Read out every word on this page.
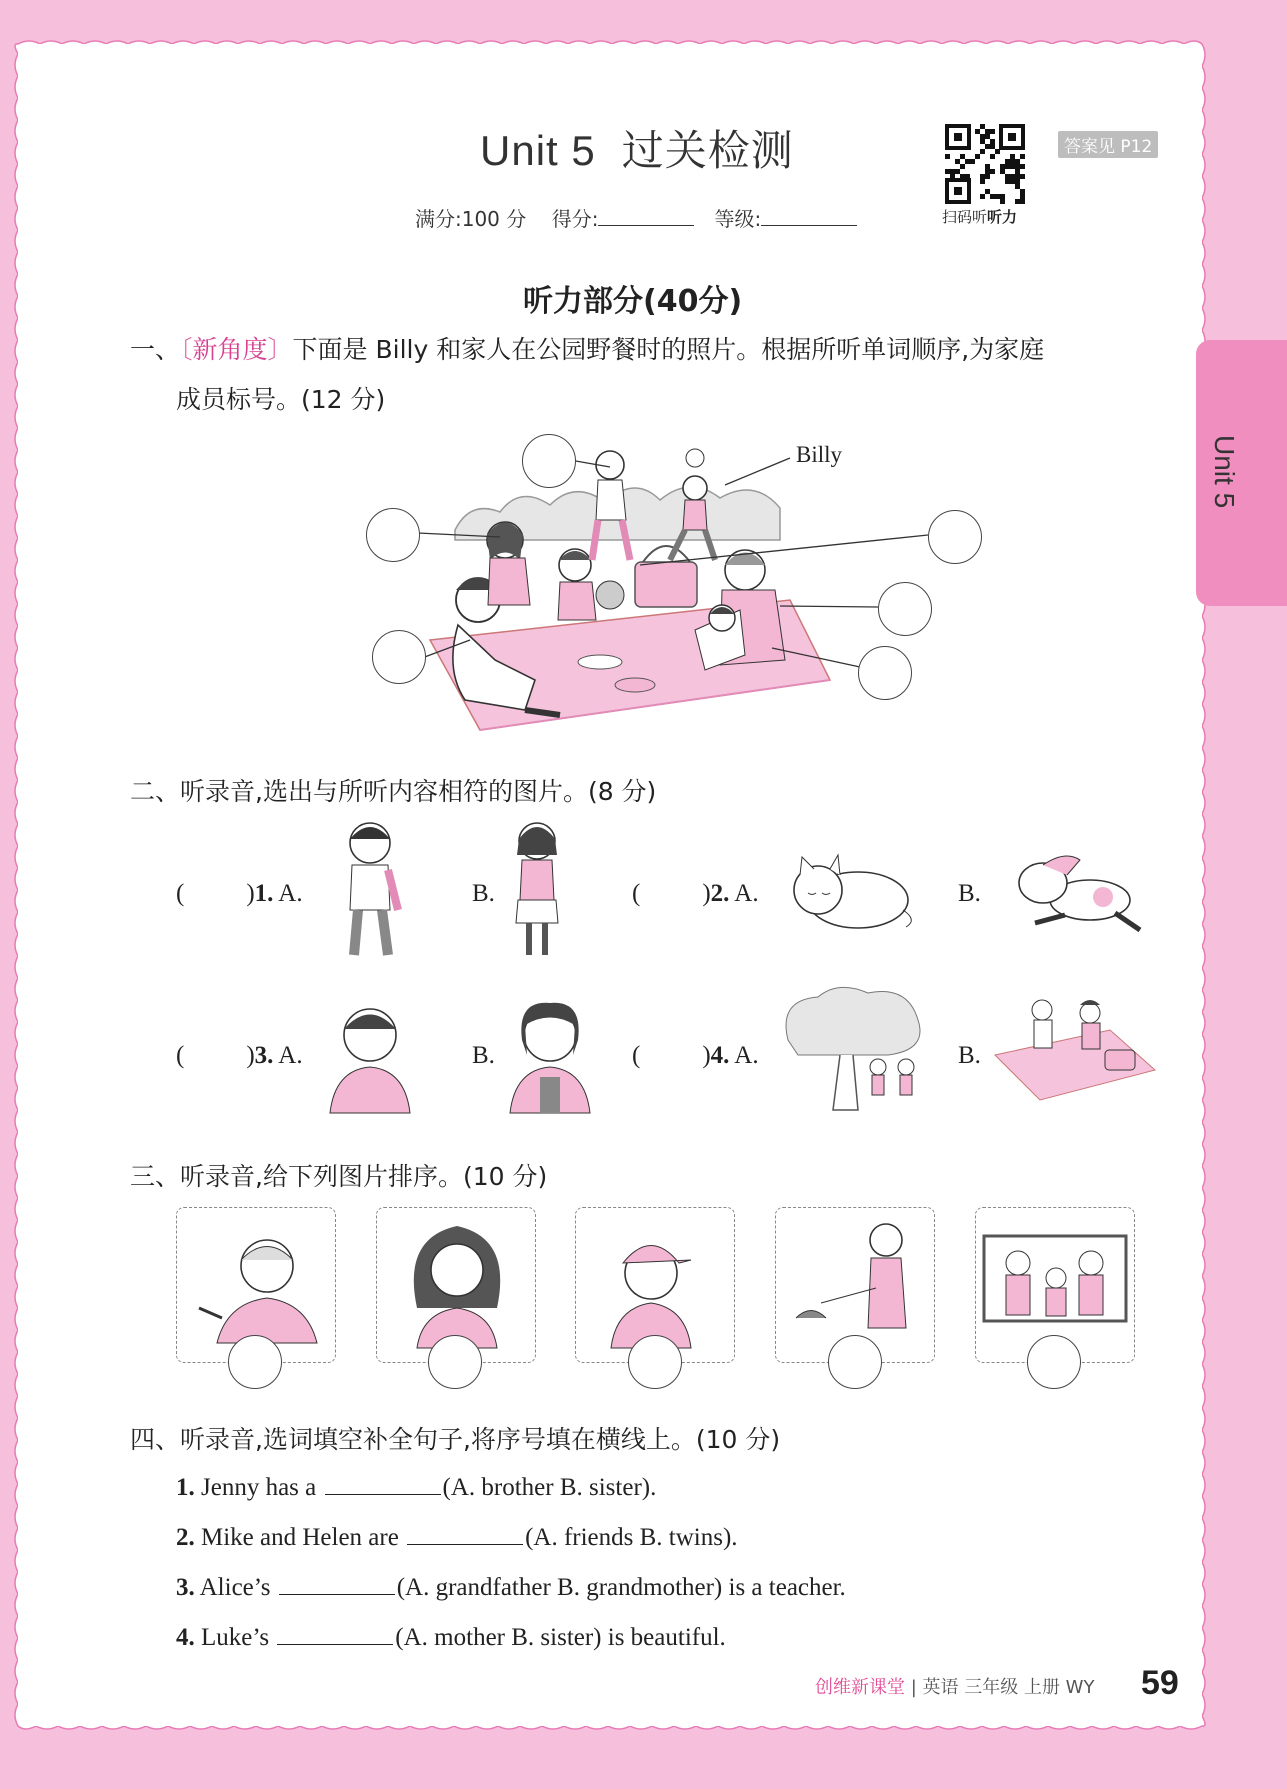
Unit 5
Unit 5 过关检测
满分:100 分 得分:	等级:	扫码听听力
答案见 P12
听力部分(40分)
一、〔新角度〕下面是 Billy 和家人在公园野餐时的照片。根据所听单词顺序,为家庭
成员标号。(12 分)
Billy
二、听录音,选出与所听内容相符的图片。(8 分)
( )1. A.	B.	( )2. A.	B.
( )3. A.	B.	( )4. A.	B.
三、听录音,给下列图片排序。(10 分)
四、听录音,选词填空补全句子,将序号填在横线上。(10 分)
1. Jenny has a	(A. brother B. sister).
2. Mike and Helen are	(A. friends B. twins).
3. Alice’s	(A. grandfather B. grandmother) is a teacher.
4. Luke’s	(A. mother B. sister) is beautiful.
创维新课堂 | 英语 三年级 上册 WY 59
